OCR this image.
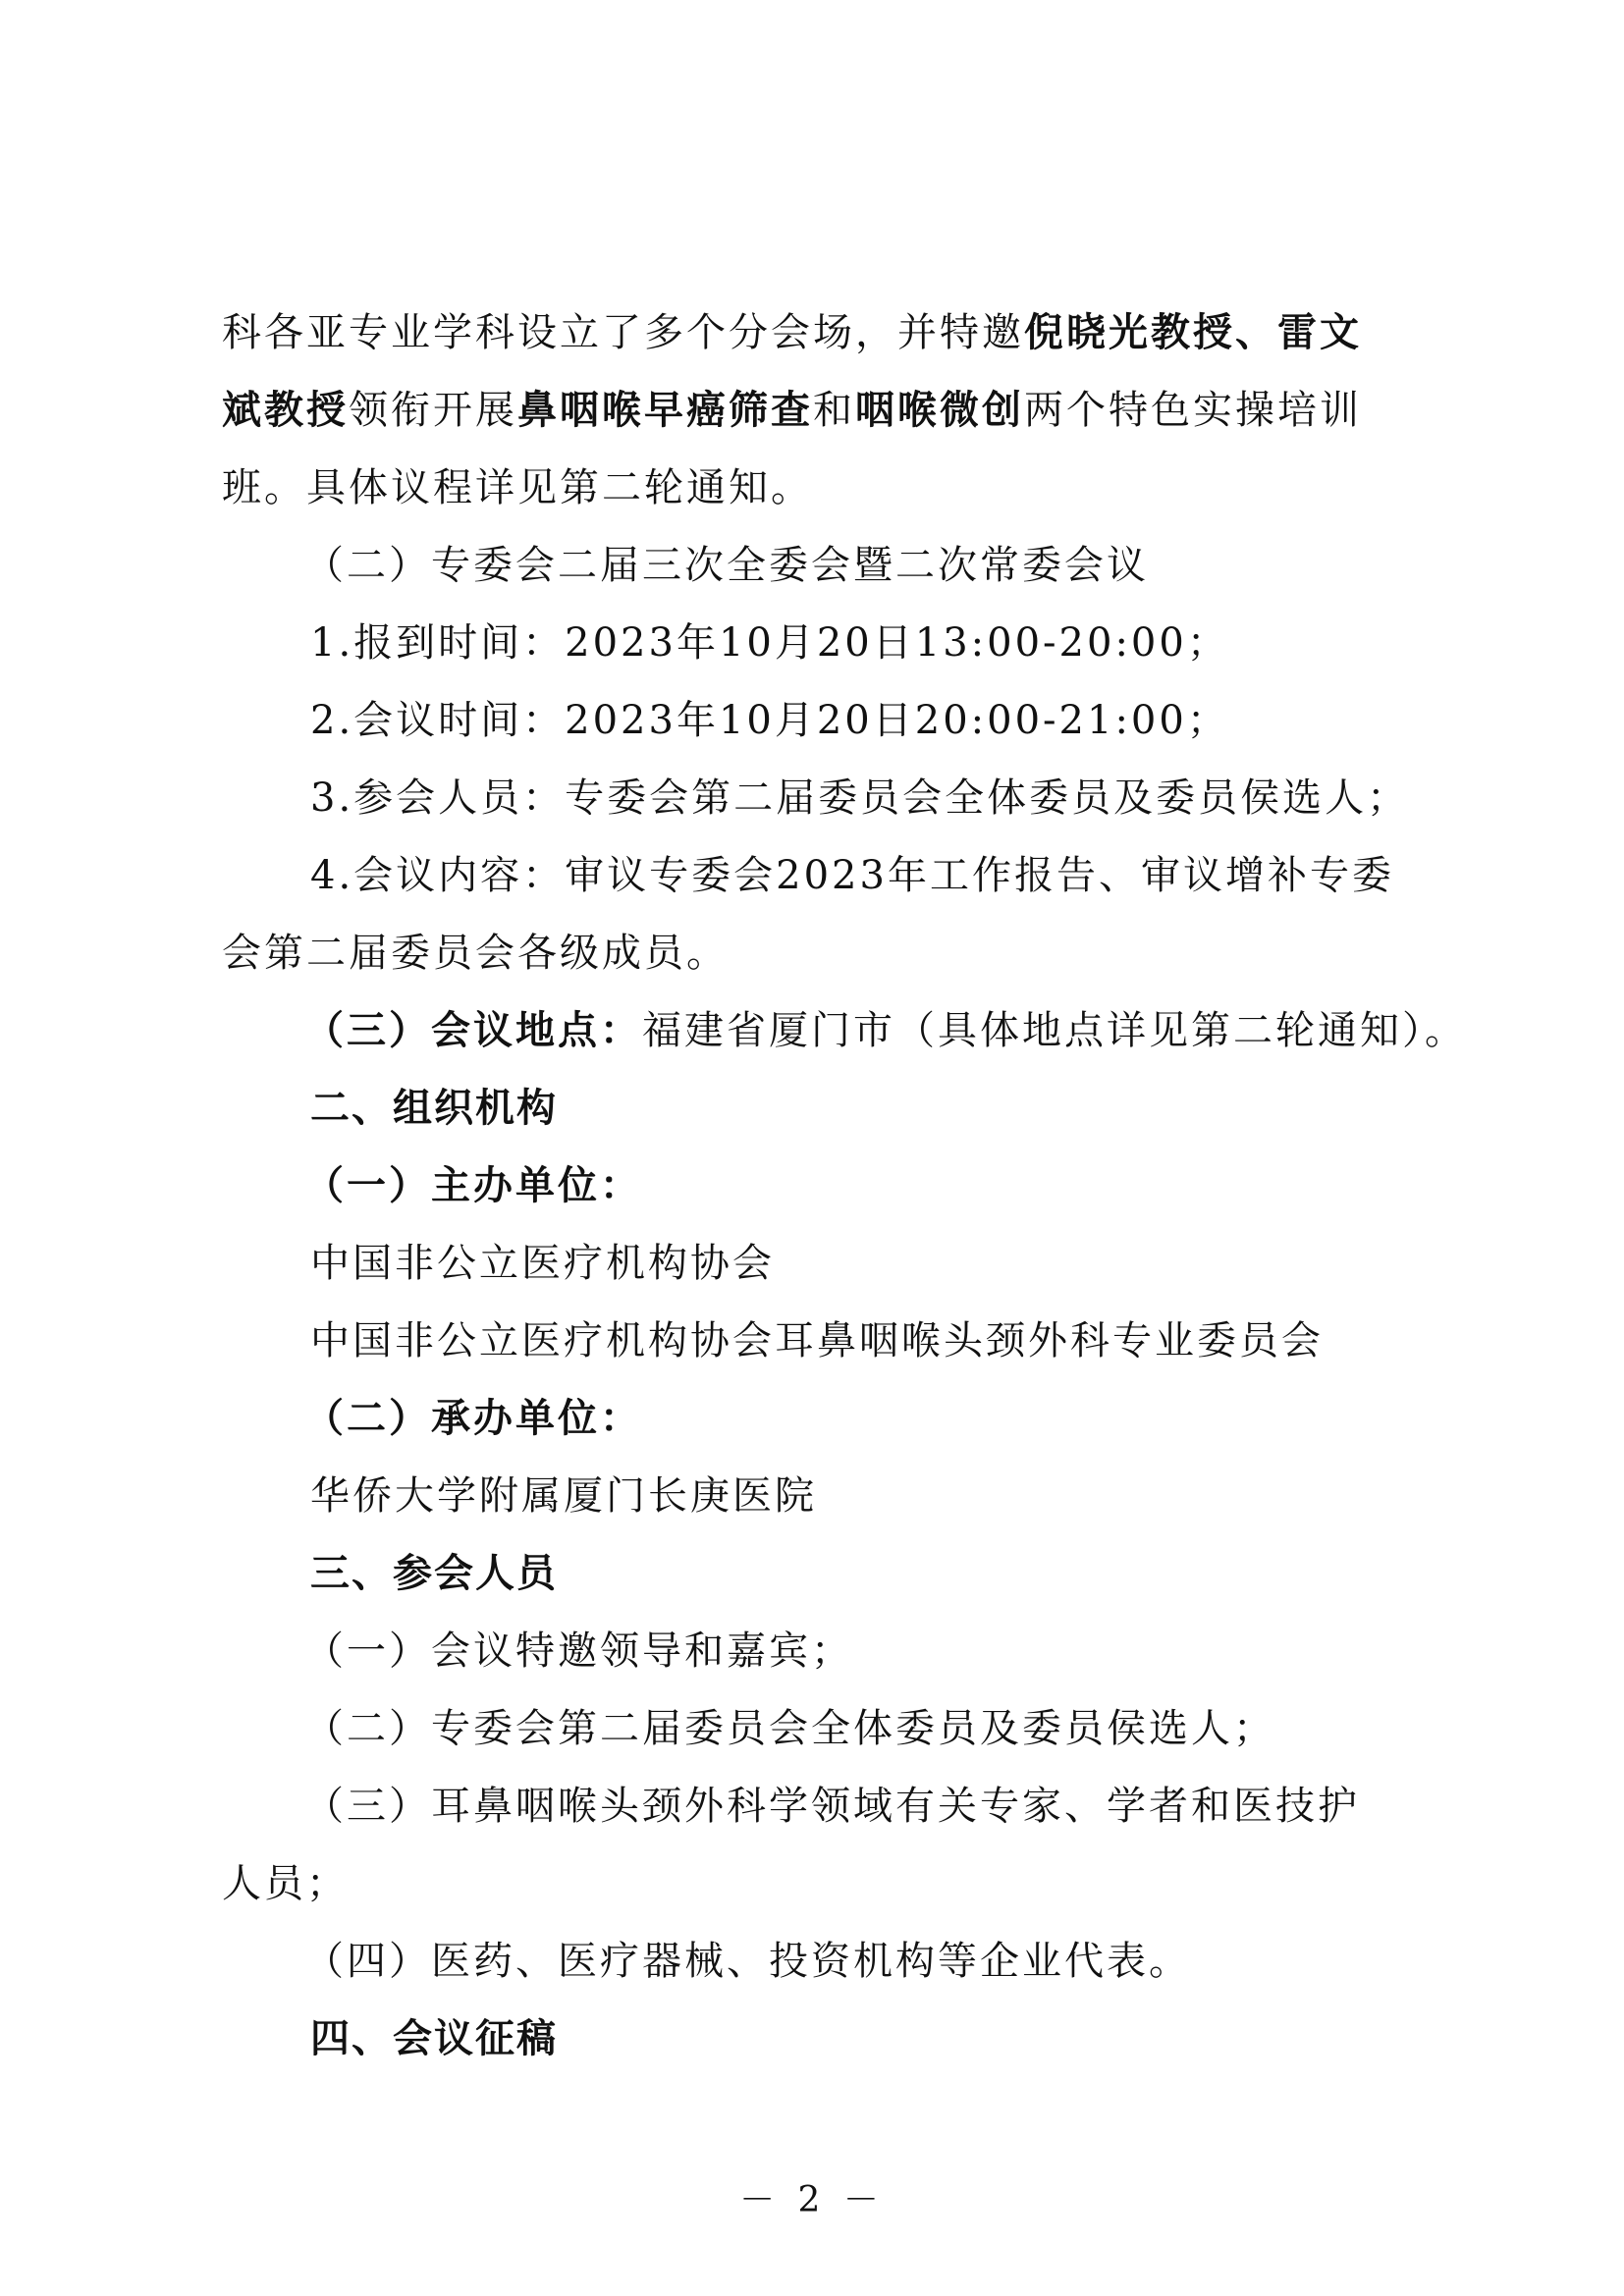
科各亚专业学科设立了多个分会场，并特邀倪晓光教授、雷文
斌教授领衔开展鼻咽喉早癌筛查和咽喉微创两个特色实操培训
班。具体议程详见第二轮通知。
（二）专委会二届三次全委会暨二次常委会议
1.报到时间：2023年10月20日13:00-20:00；
2.会议时间：2023年10月20日20:00-21:00；
3.参会人员：专委会第二届委员会全体委员及委员侯选人；
4.会议内容：审议专委会2023年工作报告、审议增补专委
会第二届委员会各级成员。
（三）会议地点：福建省厦门市（具体地点详见第二轮通知）。
二、组织机构
（一）主办单位：
中国非公立医疗机构协会
中国非公立医疗机构协会耳鼻咽喉头颈外科专业委员会
（二）承办单位：
华侨大学附属厦门长庚医院
三、参会人员
（一）会议特邀领导和嘉宾；
（二）专委会第二届委员会全体委员及委员侯选人；
（三）耳鼻咽喉头颈外科学领域有关专家、学者和医技护
人员；
（四）医药、医疗器械、投资机构等企业代表。
四、会议征稿
－ 2 －
